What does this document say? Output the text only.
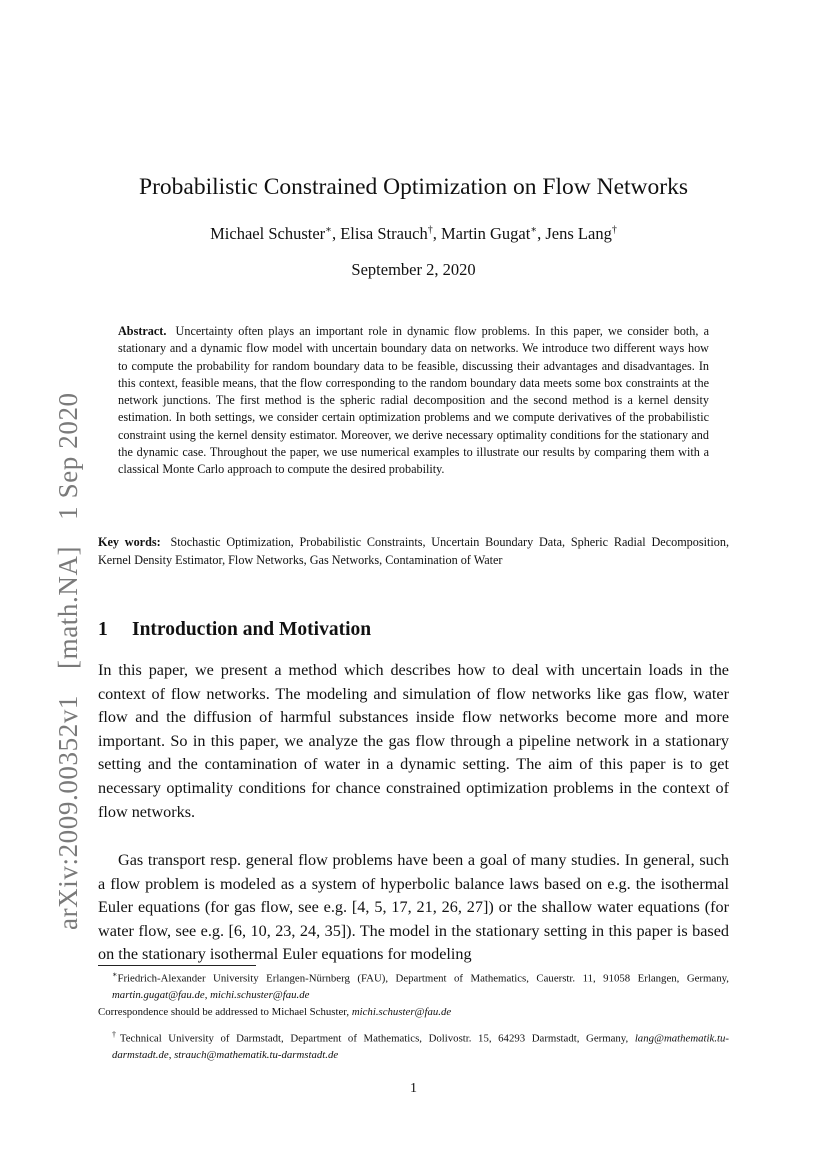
arXiv:2009.00352v1
[math.NA]
1 Sep 2020
Probabilistic Constrained Optimization on Flow Networks
Michael Schuster∗, Elisa Strauch†, Martin Gugat∗, Jens Lang†
September 2, 2020

Abstract. Uncertainty often plays an important role in dynamic flow problems. In this paper, we consider both, a stationary and a dynamic flow model with uncertain boundary data on networks. We introduce two different ways how to compute the probability for random boundary data to be feasible, discussing their advantages and disadvantages. In this context, feasible means, that the flow corresponding to the random boundary data meets some box constraints at the network junctions. The first method is the spheric radial decomposition and the second method is a kernel density estimation. In both settings, we consider certain optimization problems and we compute derivatives of the probabilistic constraint using the kernel density estimator. Moreover, we derive necessary optimality conditions for the stationary and the dynamic case. Throughout the paper, we use numerical examples to illustrate our results by comparing them with a classical Monte Carlo approach to compute the desired probability.

Key words: Stochastic Optimization, Probabilistic Constraints, Uncertain Boundary Data, Spheric Radial Decomposition, Kernel Density Estimator, Flow Networks, Gas Networks, Contamination of Water

1 Introduction and Motivation

In this paper, we present a method which describes how to deal with uncertain loads in the context of flow networks. The modeling and simulation of flow networks like gas flow, water flow and the diffusion of harmful substances inside flow networks become more and more important. So in this paper, we analyze the gas flow through a pipeline network in a stationary setting and the contamination of water in a dynamic setting. The aim of this paper is to get necessary optimality conditions for chance constrained optimization problems in the context of flow networks.

Gas transport resp. general flow problems have been a goal of many studies. In general, such a flow problem is modeled as a system of hyperbolic balance laws based on e.g. the isothermal Euler equations (for gas flow, see e.g. [4, 5, 17, 21, 26, 27]) or the shallow water equations (for water flow, see e.g. [6, 10, 23, 24, 35]). The model in the stationary setting in this paper is based on the stationary isothermal Euler equations for modeling

∗Friedrich-Alexander University Erlangen-Nürnberg (FAU), Department of Mathematics, Cauerstr. 11, 91058 Erlangen, Germany, martin.gugat@fau.de, michi.schuster@fau.de

Correspondence should be addressed to Michael Schuster, michi.schuster@fau.de

†Technical University of Darmstadt, Department of Mathematics, Dolivostr. 15, 64293 Darmstadt, Germany, lang@mathematik.tu-darmstadt.de, strauch@mathematik.tu-darmstadt.de

1
